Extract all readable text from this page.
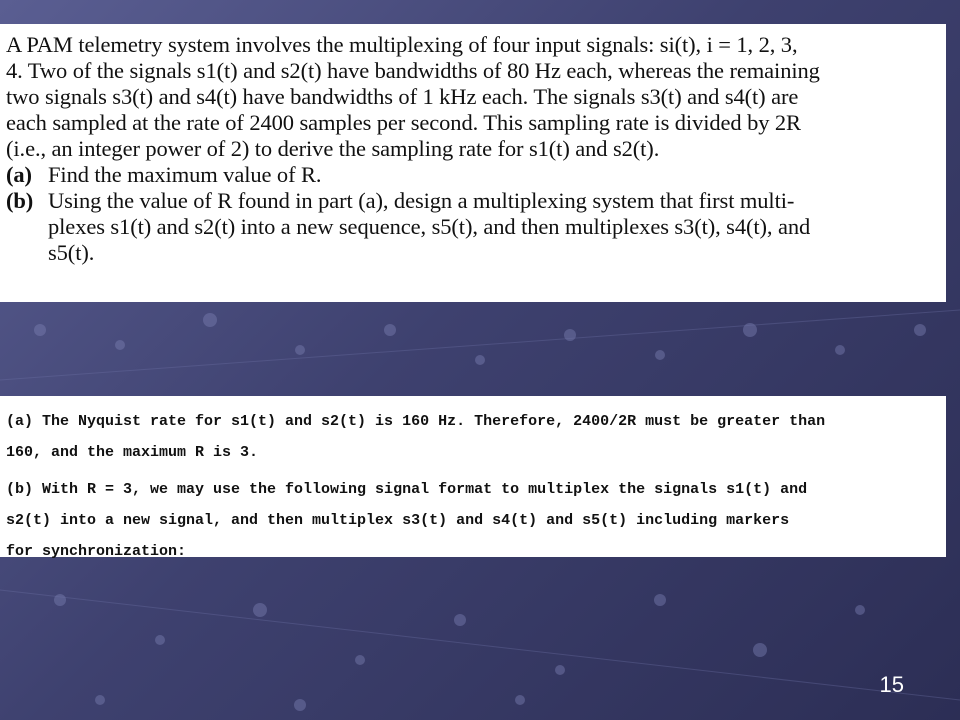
A PAM telemetry system involves the multiplexing of four input signals: si(t), i = 1, 2, 3,

4. Two of the signals s1(t) and s2(t) have bandwidths of 80 Hz each, whereas the remaining

two signals s3(t) and s4(t) have bandwidths of 1 kHz each. The signals s3(t) and s4(t) are

each sampled at the rate of 2400 samples per second. This sampling rate is divided by 2R

(i.e., an integer power of 2) to derive the sampling rate for s1(t) and s2(t).

(a) Find the maximum value of R.
(b) Using the value of R found in part (a), design a multiplexing system that first multi-

plexes s1(t) and s2(t) into a new sequence, s5(t), and then multiplexes s3(t), s4(t), and

s5(t).

(a) The Nyquist rate for s1(t) and s2(t) is 160 Hz. Therefore, 2400/2R must be greater than

160, and the maximum R is 3.

(b) With R = 3, we may use the following signal format to multiplex the signals s1(t) and

s2(t) into a new signal, and then multiplex s3(t) and s4(t) and s5(t) including markers

for synchronization:

15
